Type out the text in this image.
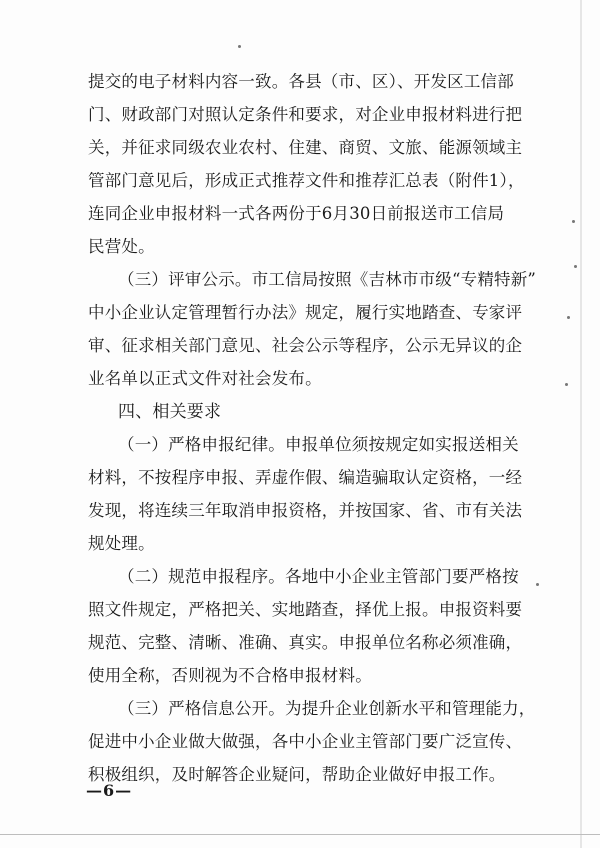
提交的电子材料内容一致。各县（市、区）、开发区工信部
门、财政部门对照认定条件和要求，对企业申报材料进行把
关，并征求同级农业农村、住建、商贸、文旅、能源领域主
管部门意见后，形成正式推荐文件和推荐汇总表（附件1），
连同企业申报材料一式各两份于6月30日前报送市工信局
民营处。
（三）评审公示。市工信局按照《吉林市市级“专精特新”
中小企业认定管理暂行办法》规定，履行实地踏查、专家评
审、征求相关部门意见、社会公示等程序，公示无异议的企
业名单以正式文件对社会发布。
四、相关要求
（一）严格申报纪律。申报单位须按规定如实报送相关
材料，不按程序申报、弄虚作假、编造骗取认定资格，一经
发现，将连续三年取消申报资格，并按国家、省、市有关法
规处理。
（二）规范申报程序。各地中小企业主管部门要严格按
照文件规定，严格把关、实地踏查，择优上报。申报资料要
规范、完整、清晰、准确、真实。申报单位名称必须准确，
使用全称，否则视为不合格申报材料。
（三）严格信息公开。为提升企业创新水平和管理能力，
促进中小企业做大做强，各中小企业主管部门要广泛宣传、
积极组织，及时解答企业疑问，帮助企业做好申报工作。
—6—
